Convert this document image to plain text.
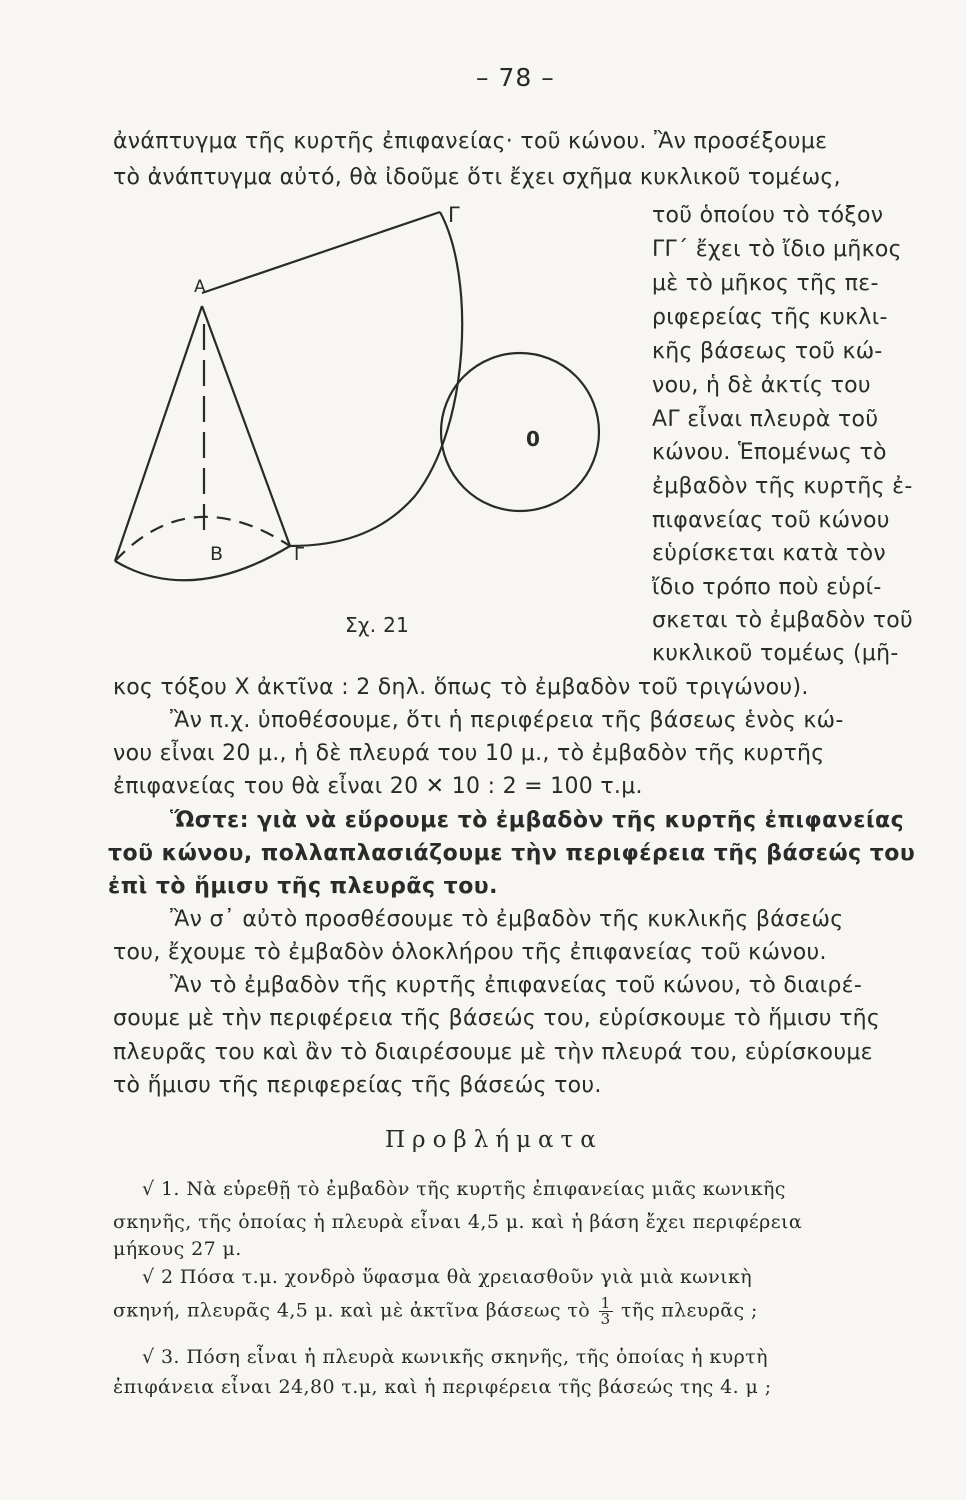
– 78 –
ἀνάπτυγμα τῆς κυρτῆς ἐπιφανείας· τοῦ κώνου. Ἂν προσέξουμε
τὸ ἀνάπτυγμα αὐτό, θὰ ἰδοῦμε ὅτι ἔχει σχῆμα κυκλικοῦ τομέως,
Γ
Α
Β	Γ
0
Σχ. 21
τοῦ ὁποίου τὸ τόξον
ΓΓ΄ ἔχει τὸ ἴδιο μῆκος
μὲ τὸ μῆκος τῆς πε-
ριφερείας τῆς κυκλι-
κῆς βάσεως τοῦ κώ-
νου, ἡ δὲ ἀκτίς του
ΑΓ εἶναι πλευρὰ τοῦ
κώνου. Ἑπομένως τὸ
ἐμβαδὸν τῆς κυρτῆς ἐ-
πιφανείας τοῦ κώνου
εὑρίσκεται κατὰ τὸν
ἴδιο τρόπο ποὺ εὑρί-
σκεται τὸ ἐμβαδὸν τοῦ
κυκλικοῦ τομέως (μῆ-
κος τόξου Χ ἀκτῖνα : 2 δηλ. ὅπως τὸ ἐμβαδὸν τοῦ τριγώνου).
Ἂν π.χ. ὑποθέσουμε, ὅτι ἡ περιφέρεια τῆς βάσεως ἑνὸς κώ-
νου εἶναι 20 μ., ἡ δὲ πλευρά του 10 μ., τὸ ἐμβαδὸν τῆς κυρτῆς
ἐπιφανείας του θὰ εἶναι 20 ✕ 10 : 2 = 100 τ.μ.
Ὥστε: γιὰ νὰ εὕρουμε τὸ ἐμβαδὸν τῆς κυρτῆς ἐπιφανείας
τοῦ κώνου, πολλαπλασιάζουμε τὴν περιφέρεια τῆς βάσεώς του
ἐπὶ τὸ ἥμισυ τῆς πλευρᾶς του.
Ἂν σ᾽ αὐτὸ προσθέσουμε τὸ ἐμβαδὸν τῆς κυκλικῆς βάσεώς
του, ἔχουμε τὸ ἐμβαδὸν ὁλοκλήρου τῆς ἐπιφανείας τοῦ κώνου.
Ἂν τὸ ἐμβαδὸν τῆς κυρτῆς ἐπιφανείας τοῦ κώνου, τὸ διαιρέ-
σουμε μὲ τὴν περιφέρεια τῆς βάσεώς του, εὑρίσκουμε τὸ ἥμισυ τῆς
πλευρᾶς του καὶ ἂν τὸ διαιρέσουμε μὲ τὴν πλευρά του, εὑρίσκουμε
τὸ ἥμισυ τῆς περιφερείας τῆς βάσεώς του.
Προβλήματα
√ 1. Νὰ εὑρεθῇ τὸ ἐμβαδὸν τῆς κυρτῆς ἐπιφανείας μιᾶς κωνικῆς
σκηνῆς, τῆς ὁποίας ἡ πλευρὰ εἶναι 4,5 μ. καὶ ἡ βάση ἔχει περιφέρεια
μήκους 27 μ.
√ 2 Πόσα τ.μ. χονδρὸ ὕφασμα θὰ χρειασθοῦν γιὰ μιὰ κωνικὴ
σκηνή, πλευρᾶς 4,5 μ. καὶ μὲ ἀκτῖνα βάσεως τὸ $\frac{1}{3}$ τῆς πλευρᾶς ;
√ 3. Πόση εἶναι ἡ πλευρὰ κωνικῆς σκηνῆς, τῆς ὁποίας ἡ κυρτὴ
ἐπιφάνεια εἶναι 24,80 τ.μ, καὶ ἡ περιφέρεια τῆς βάσεώς της 4. μ ;
